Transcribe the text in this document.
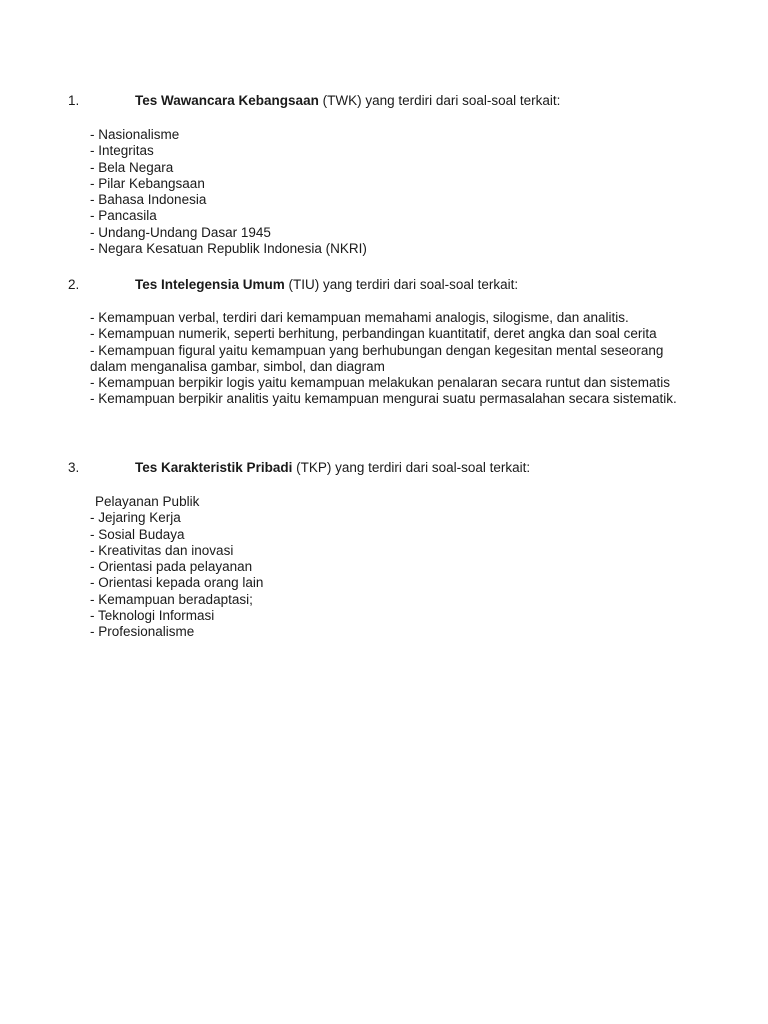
1.	Tes Wawancara Kebangsaan (TWK) yang terdiri dari soal-soal terkait:
- Nasionalisme
- Integritas
- Bela Negara
- Pilar Kebangsaan
- Bahasa Indonesia
- Pancasila
- Undang-Undang Dasar 1945
- Negara Kesatuan Republik Indonesia (NKRI)
2.	Tes Intelegensia Umum (TIU) yang terdiri dari soal-soal terkait:
- Kemampuan verbal, terdiri dari kemampuan memahami analogis, silogisme, dan analitis.
- Kemampuan numerik, seperti berhitung, perbandingan kuantitatif, deret angka dan soal cerita
- Kemampuan figural yaitu kemampuan yang berhubungan dengan kegesitan mental seseorang dalam menganalisa gambar, simbol, dan diagram
- Kemampuan berpikir logis yaitu kemampuan melakukan penalaran secara runtut dan sistematis
- Kemampuan berpikir analitis yaitu kemampuan mengurai suatu permasalahan secara sistematik.
3.	Tes Karakteristik Pribadi (TKP) yang terdiri dari soal-soal terkait:
Pelayanan Publik
- Jejaring Kerja
- Sosial Budaya
- Kreativitas dan inovasi
- Orientasi pada pelayanan
- Orientasi kepada orang lain
- Kemampuan beradaptasi;
- Teknologi Informasi
- Profesionalisme
